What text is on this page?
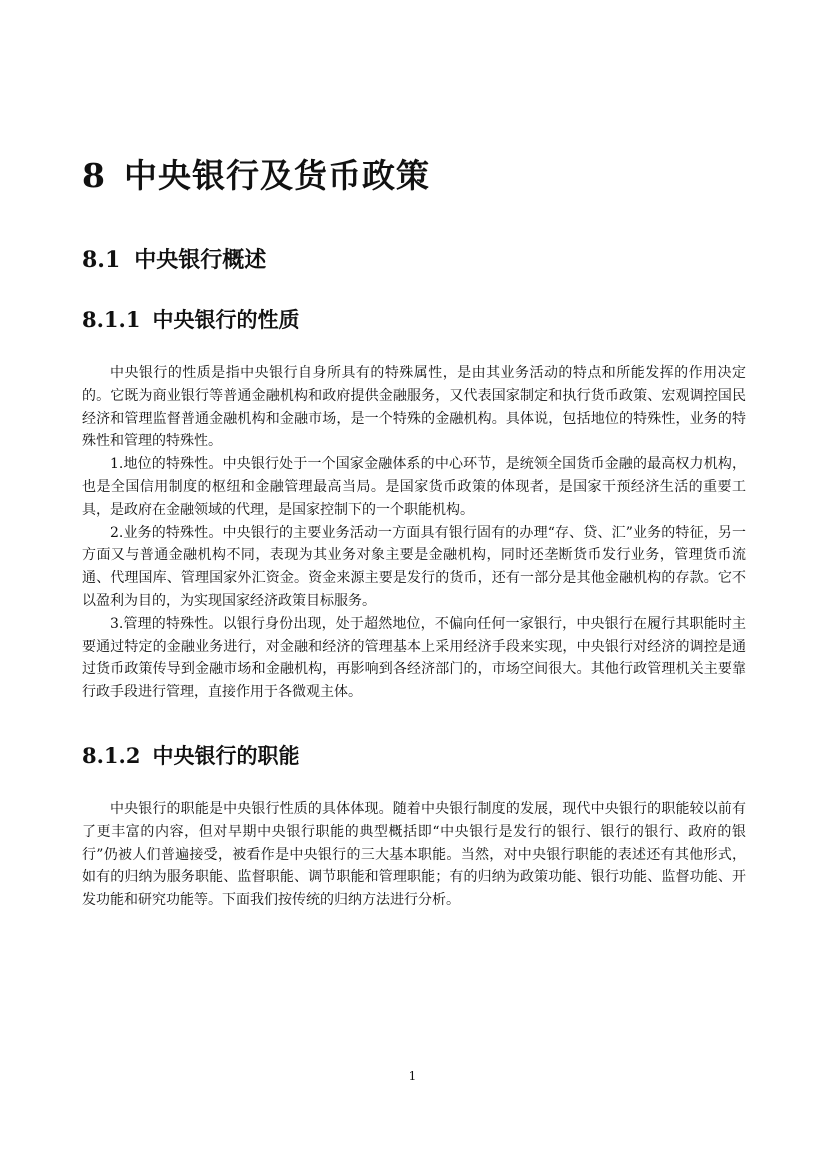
8 中央银行及货币政策
8.1 中央银行概述
8.1.1 中央银行的性质

中央银行的性质是指中央银行自身所具有的特殊属性，是由其业务活动的特点和所能发挥的作用决定的。它既为商业银行等普通金融机构和政府提供金融服务，又代表国家制定和执行货币政策、宏观调控国民经济和管理监督普通金融机构和金融市场，是一个特殊的金融机构。具体说，包括地位的特殊性，业务的特殊性和管理的特殊性。

1.地位的特殊性。中央银行处于一个国家金融体系的中心环节，是统领全国货币金融的最高权力机构，也是全国信用制度的枢纽和金融管理最高当局。是国家货币政策的体现者，是国家干预经济生活的重要工具，是政府在金融领域的代理，是国家控制下的一个职能机构。

2.业务的特殊性。中央银行的主要业务活动一方面具有银行固有的办理“存、贷、汇”业务的特征，另一方面又与普通金融机构不同，表现为其业务对象主要是金融机构，同时还垄断货币发行业务，管理货币流通、代理国库、管理国家外汇资金。资金来源主要是发行的货币，还有一部分是其他金融机构的存款。它不以盈利为目的，为实现国家经济政策目标服务。

3.管理的特殊性。以银行身份出现，处于超然地位，不偏向任何一家银行，中央银行在履行其职能时主要通过特定的金融业务进行，对金融和经济的管理基本上采用经济手段来实现，中央银行对经济的调控是通过货币政策传导到金融市场和金融机构，再影响到各经济部门的，市场空间很大。其他行政管理机关主要靠行政手段进行管理，直接作用于各微观主体。

8.1.2 中央银行的职能

中央银行的职能是中央银行性质的具体体现。随着中央银行制度的发展，现代中央银行的职能较以前有了更丰富的内容，但对早期中央银行职能的典型概括即“中央银行是发行的银行、银行的银行、政府的银行”仍被人们普遍接受，被看作是中央银行的三大基本职能。当然，对中央银行职能的表述还有其他形式，如有的归纳为服务职能、监督职能、调节职能和管理职能；有的归纳为政策功能、银行功能、监督功能、开发功能和研究功能等。下面我们按传统的归纳方法进行分析。

1
